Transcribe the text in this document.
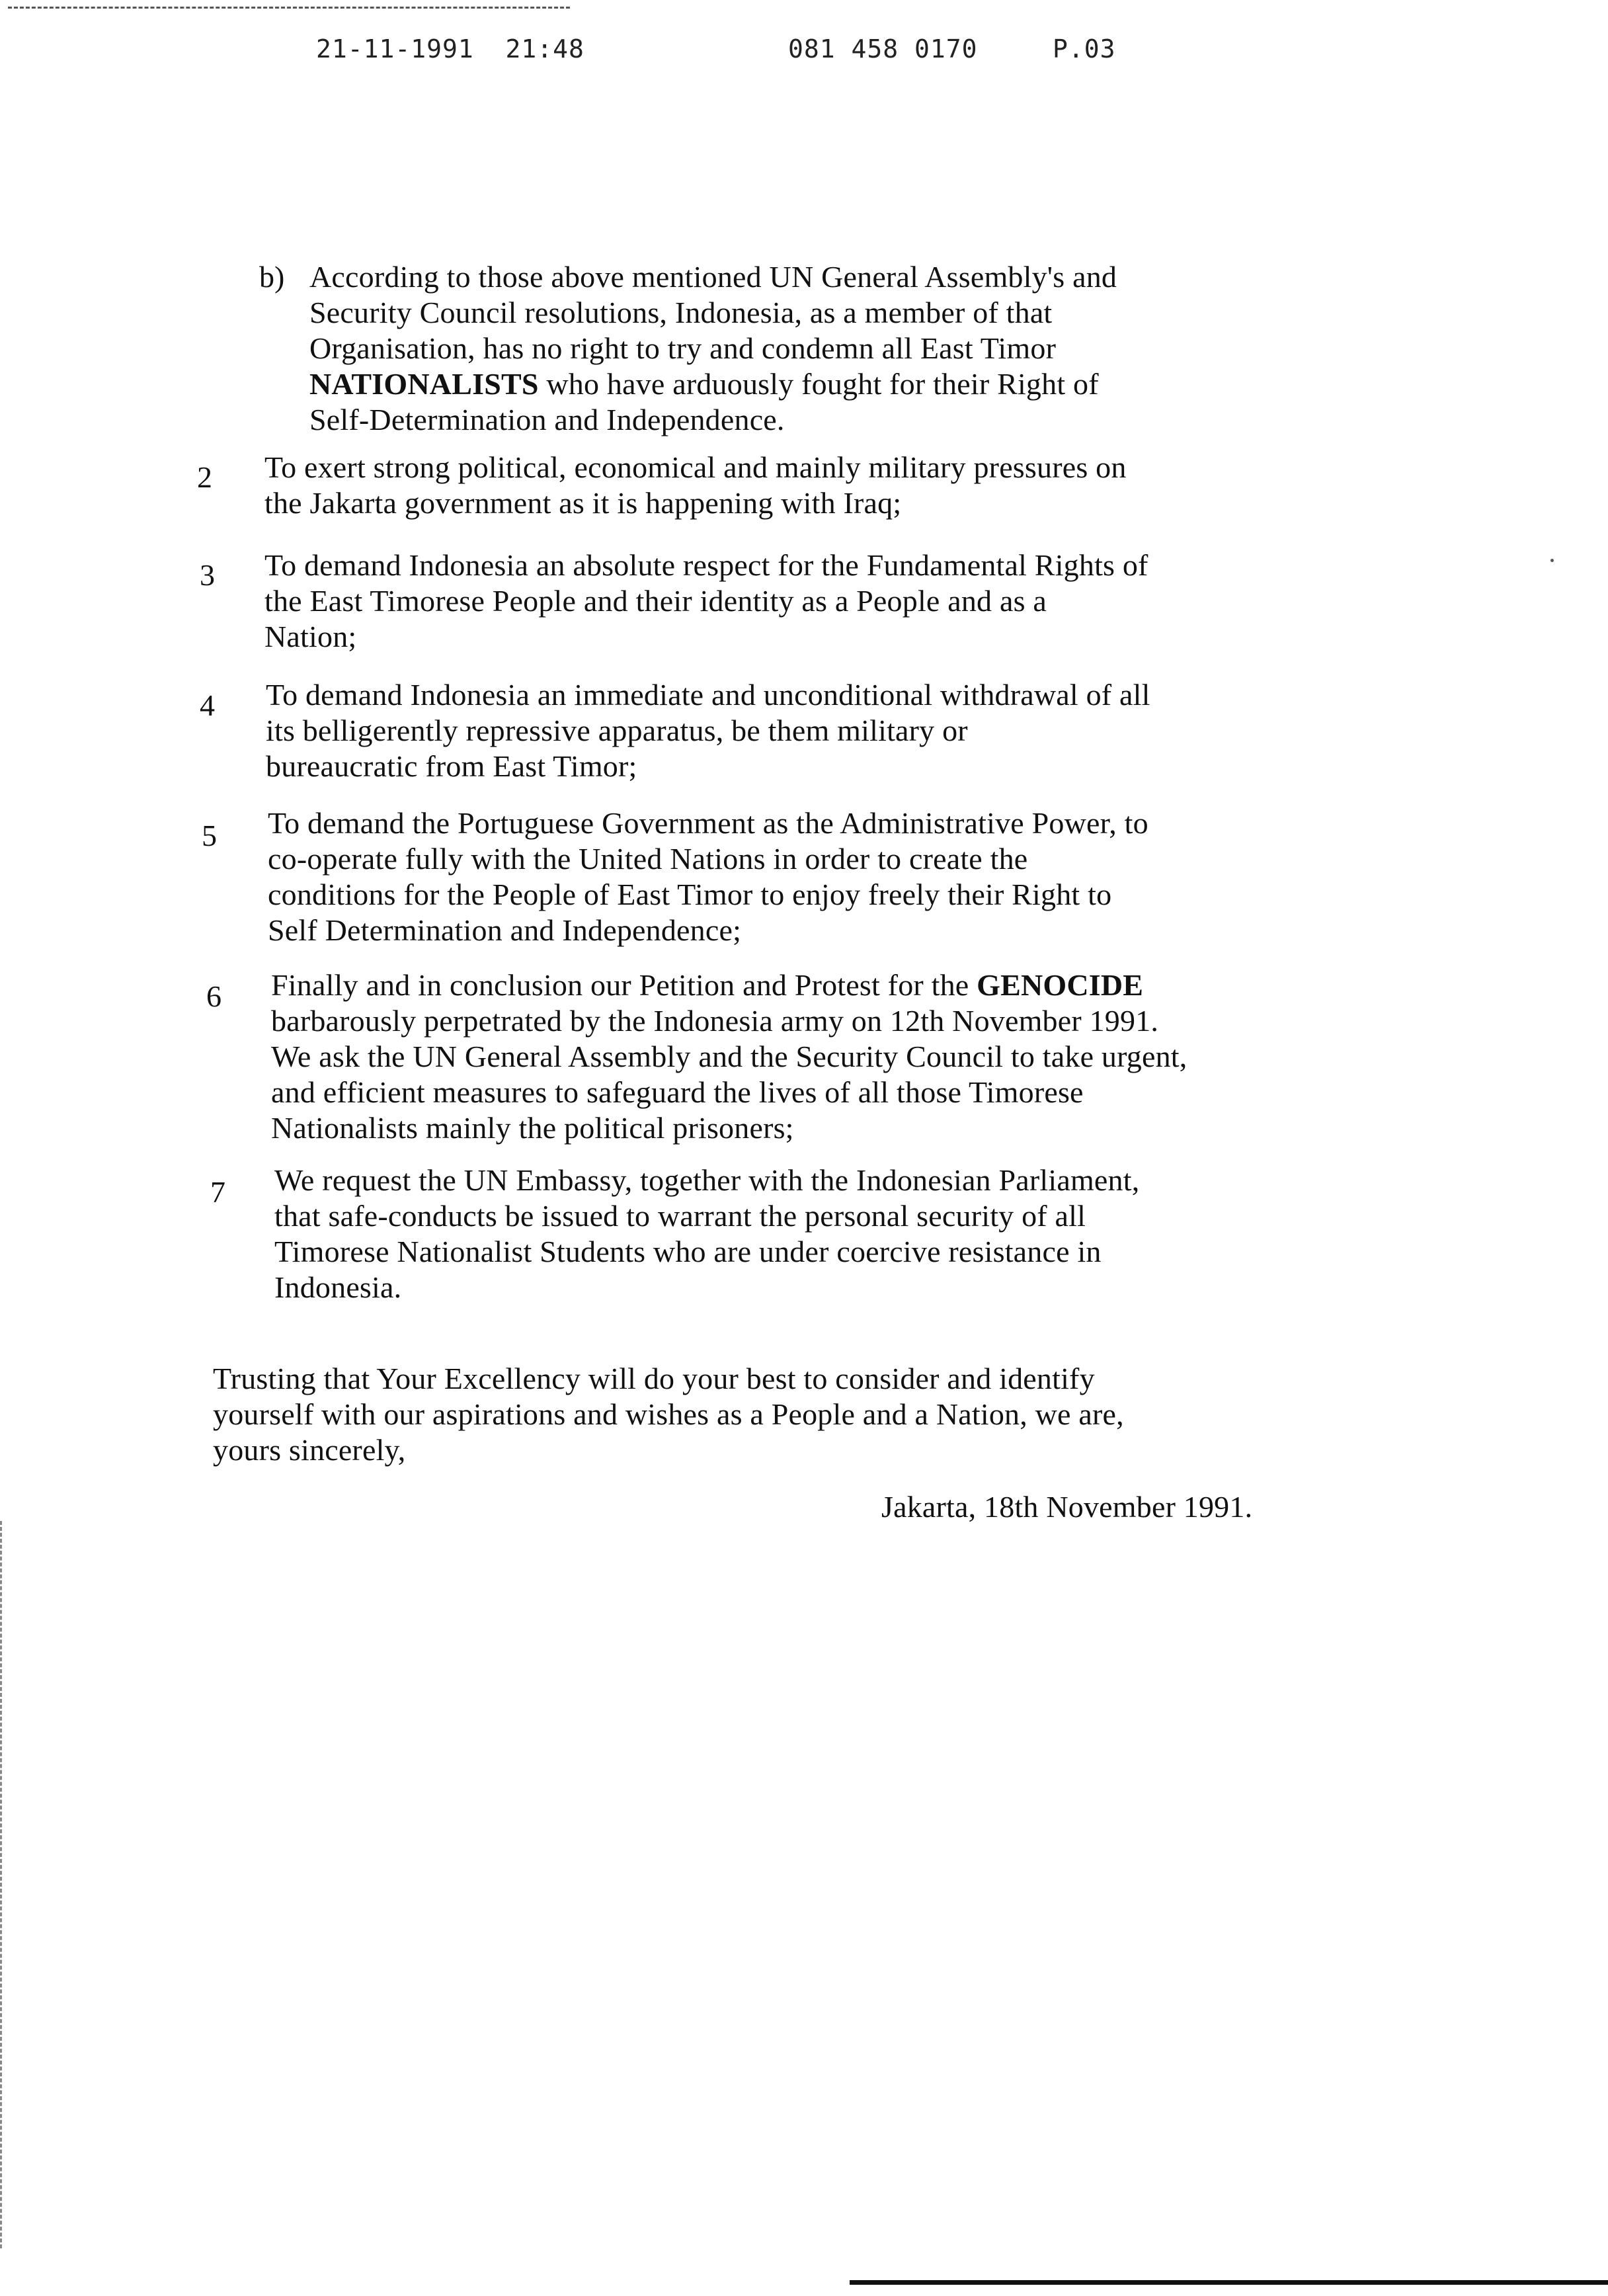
21-11-1991  21:48	081 458 0170	P.03
b) According to those above mentioned UN General Assembly's and
Security Council resolutions, Indonesia, as a member of that
Organisation, has no right to try and condemn all East Timor
NATIONALISTS who have arduously fought for their Right of
Self-Determination and Independence.
2 To exert strong political, economical and mainly military pressures on
the Jakarta government as it is happening with Iraq;
3 To demand Indonesia an absolute respect for the Fundamental Rights of
the East Timorese People and their identity as a People and as a
Nation;
4 To demand Indonesia an immediate and unconditional withdrawal of all
its belligerently repressive apparatus, be them military or
bureaucratic from East Timor;
5 To demand the Portuguese Government as the Administrative Power, to
co-operate fully with the United Nations in order to create the
conditions for the People of East Timor to enjoy freely their Right to
Self Determination and Independence;
6 Finally and in conclusion our Petition and Protest for the GENOCIDE
barbarously perpetrated by the Indonesia army on 12th November 1991.
We ask the UN General Assembly and the Security Council to take urgent,
and efficient measures to safeguard the lives of all those Timorese
Nationalists mainly the political prisoners;
7 We request the UN Embassy, together with the Indonesian Parliament,
that safe-conducts be issued to warrant the personal security of all
Timorese Nationalist Students who are under coercive resistance in
Indonesia.
Trusting that Your Excellency will do your best to consider and identify
yourself with our aspirations and wishes as a People and a Nation, we are,
yours sincerely,
Jakarta, 18th November 1991.
